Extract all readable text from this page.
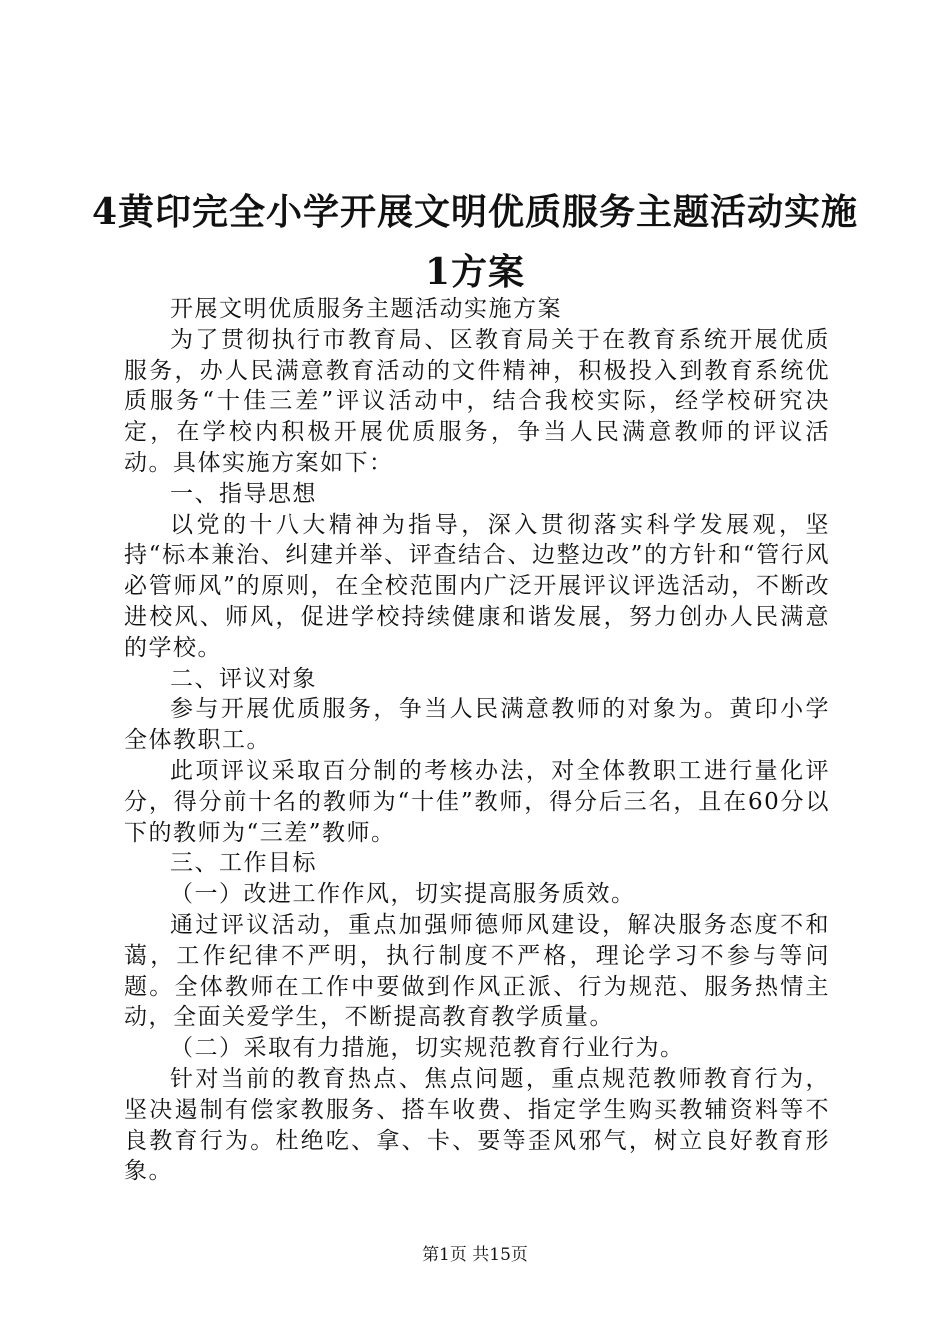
4黄印完全小学开展文明优质服务主题活动实施1方案

开展文明优质服务主题活动实施方案

为了贯彻执行市教育局、区教育局关于在教育系统开展优质服务，办人民满意教育活动的文件精神，积极投入到教育系统优质服务“十佳三差”评议活动中，结合我校实际，经学校研究决定，在学校内积极开展优质服务，争当人民满意教师的评议活动。具体实施方案如下：

一、指导思想

以党的十八大精神为指导，深入贯彻落实科学发展观，坚持“标本兼治、纠建并举、评查结合、边整边改”的方针和“管行风必管师风”的原则，在全校范围内广泛开展评议评选活动，不断改进校风、师风，促进学校持续健康和谐发展，努力创办人民满意的学校。

二、评议对象

参与开展优质服务，争当人民满意教师的对象为。黄印小学全体教职工。

此项评议采取百分制的考核办法，对全体教职工进行量化评分，得分前十名的教师为“十佳”教师，得分后三名，且在60分以下的教师为“三差”教师。

三、工作目标

（一）改进工作作风，切实提高服务质效。

通过评议活动，重点加强师德师风建设，解决服务态度不和蔼，工作纪律不严明，执行制度不严格，理论学习不参与等问题。全体教师在工作中要做到作风正派、行为规范、服务热情主动，全面关爱学生，不断提高教育教学质量。

（二）采取有力措施，切实规范教育行业行为。

针对当前的教育热点、焦点问题，重点规范教师教育行为，坚决遏制有偿家教服务、搭车收费、指定学生购买教辅资料等不良教育行为。杜绝吃、拿、卡、要等歪风邪气，树立良好教育形象。

第1页 共15页
